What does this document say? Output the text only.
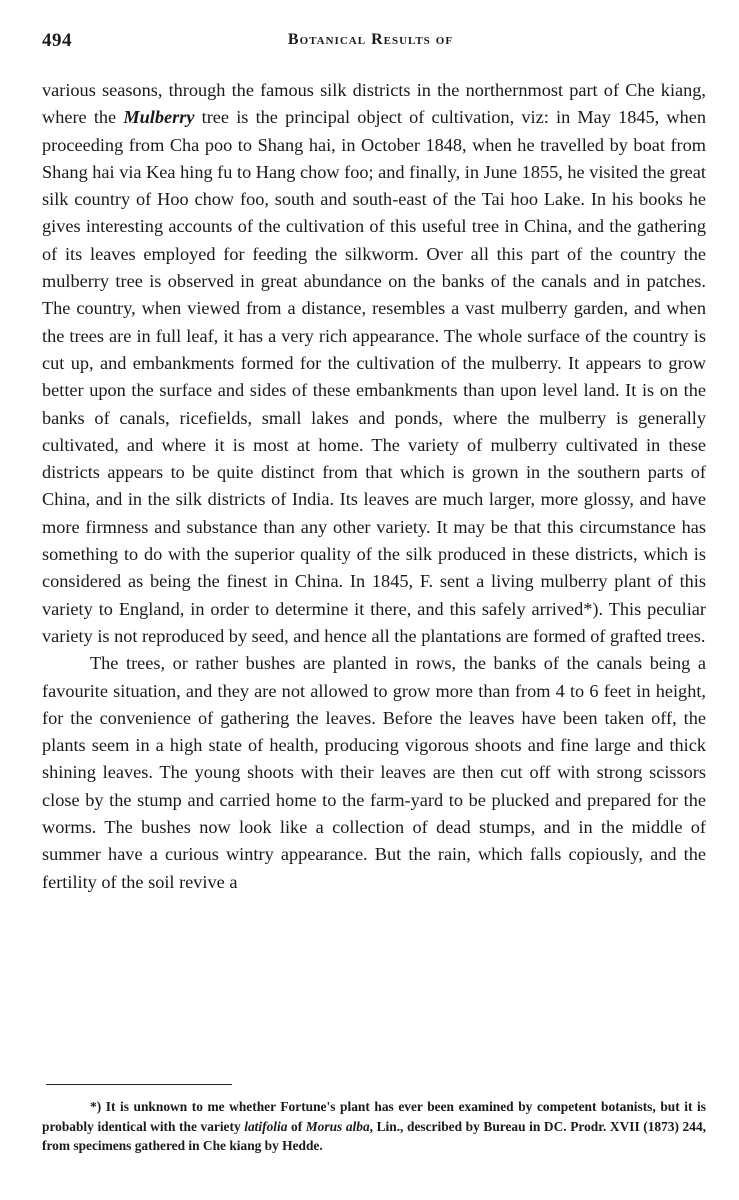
494	Botanical Results of

various seasons, through the famous silk districts in the northernmost part of Che kiang, where the Mulberry tree is the principal object of cultivation, viz: in May 1845, when proceeding from Cha poo to Shang hai, in October 1848, when he travelled by boat from Shang hai via Kea hing fu to Hang chow foo; and finally, in June 1855, he visited the great silk country of Hoo chow foo, south and south-east of the Tai hoo Lake. In his books he gives interesting accounts of the cultivation of this useful tree in China, and the gathering of its leaves employed for feeding the silkworm. Over all this part of the country the mulberry tree is observed in great abundance on the banks of the canals and in patches. The country, when viewed from a distance, resembles a vast mulberry garden, and when the trees are in full leaf, it has a very rich appearance. The whole surface of the country is cut up, and embankments formed for the cultivation of the mulberry. It appears to grow better upon the surface and sides of these embankments than upon level land. It is on the banks of canals, ricefields, small lakes and ponds, where the mulberry is generally cultivated, and where it is most at home. The variety of mulberry cultivated in these districts appears to be quite distinct from that which is grown in the southern parts of China, and in the silk districts of India. Its leaves are much larger, more glossy, and have more firmness and substance than any other variety. It may be that this circumstance has something to do with the superior quality of the silk produced in these districts, which is considered as being the finest in China. In 1845, F. sent a living mulberry plant of this variety to England, in order to determine it there, and this safely arrived*). This peculiar variety is not reproduced by seed, and hence all the plantations are formed of grafted trees.

The trees, or rather bushes are planted in rows, the banks of the canals being a favourite situation, and they are not allowed to grow more than from 4 to 6 feet in height, for the convenience of gathering the leaves. Before the leaves have been taken off, the plants seem in a high state of health, producing vigorous shoots and fine large and thick shining leaves. The young shoots with their leaves are then cut off with strong scissors close by the stump and carried home to the farm-yard to be plucked and prepared for the worms. The bushes now look like a collection of dead stumps, and in the middle of summer have a curious wintry appearance. But the rain, which falls copiously, and the fertility of the soil revive a

*) It is unknown to me whether Fortune's plant has ever been examined by competent botanists, but it is probably identical with the variety latifolia of Morus alba, Lin., described by Bureau in DC. Prodr. XVII (1873) 244, from specimens gathered in Che kiang by Hedde.
